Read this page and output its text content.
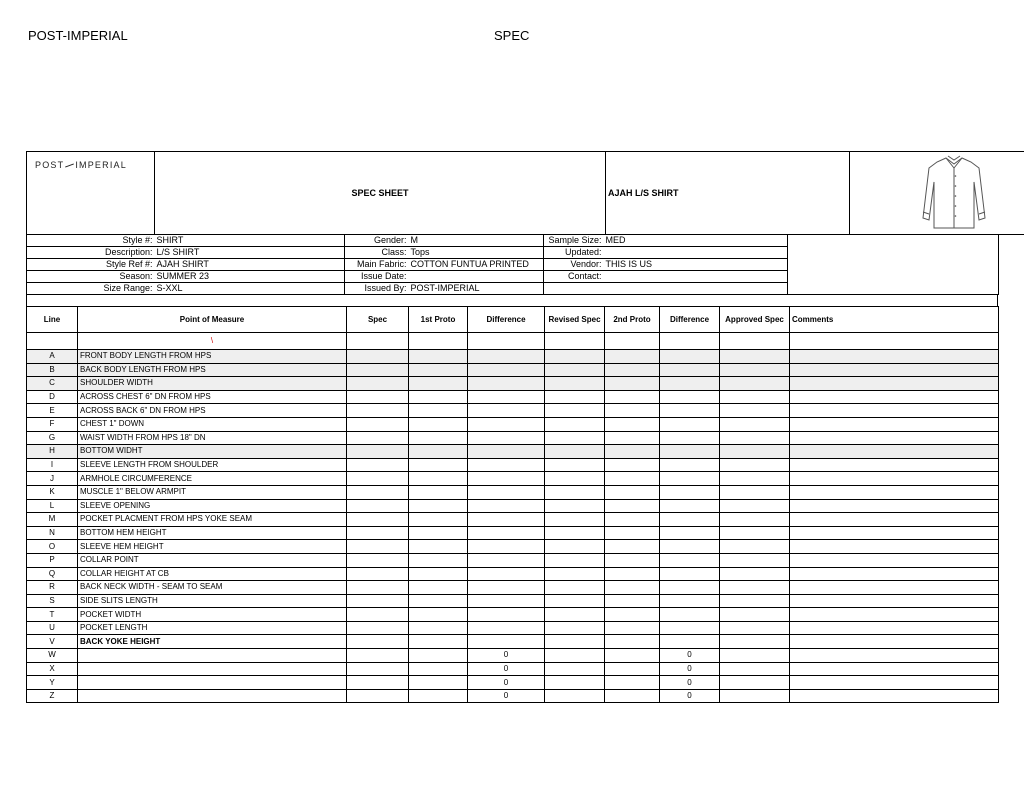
POST-IMPERIAL	SPEC
POST IMPERIAL	SPEC SHEET	AJAH L/S SHIRT	
Style #:	SHIRT	Gender:	M	Sample Size:	MED	
Description:	L/S SHIRT	Class:	Tops	Updated:		
Style Ref #:	AJAH SHIRT	Main Fabric:	COTTON FUNTUA PRINTED	Vendor:	THIS IS US	
Season:	SUMMER 23	Issue Date:		Contact:		
Size Range:	S-XXL	Issued By:	POST-IMPERIAL			
Line	Point of Measure	Spec	1st Proto	Difference	Revised Spec	2nd Proto	Difference	Approved Spec	Comments

	\								

A	FRONT BODY LENGTH FROM HPS								
B	BACK BODY LENGTH FROM HPS								
C	SHOULDER WIDTH								
D	ACROSS CHEST 6" DN FROM HPS								
E	ACROSS BACK 6" DN FROM HPS								
F	CHEST 1" DOWN								
G	WAIST WIDTH FROM HPS 18" DN								
H	BOTTOM WIDHT								
I	SLEEVE LENGTH FROM SHOULDER								
J	ARMHOLE CIRCUMFERENCE								
K	MUSCLE 1" BELOW ARMPIT								
L	SLEEVE OPENING								
M	POCKET PLACMENT FROM HPS YOKE SEAM								
N	BOTTOM HEM HEIGHT								
O	SLEEVE HEM HEIGHT								
P	COLLAR POINT								
Q	COLLAR HEIGHT AT CB								
R	BACK NECK WIDTH - SEAM TO SEAM								
S	SIDE SLITS LENGTH								
T	POCKET WIDTH								
U	POCKET LENGTH								
V	BACK YOKE HEIGHT								
W				0			0		
X				0			0		
Y				0			0		
Z				0			0		
